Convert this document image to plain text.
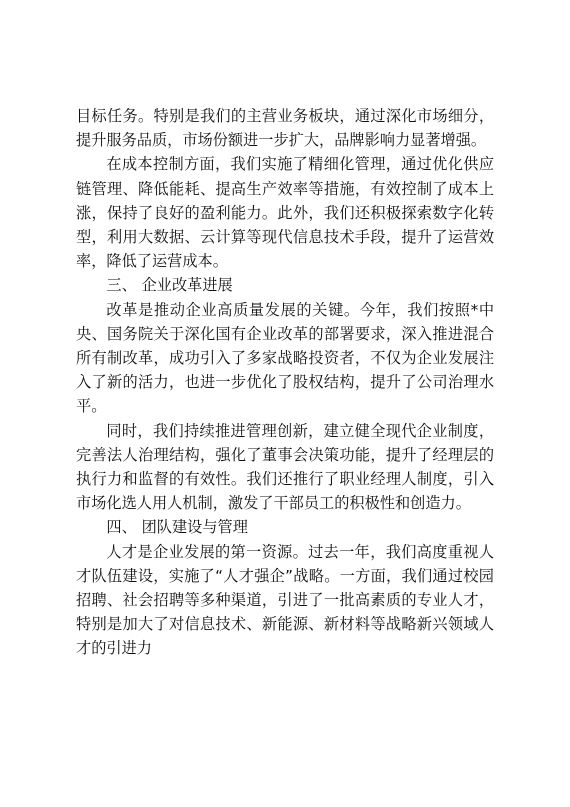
目标任务。特别是我们的主营业务板块，通过深化市场细分，提升服务品质，市场份额进一步扩大，品牌影响力显著增强。

在成本控制方面，我们实施了精细化管理，通过优化供应链管理、降低能耗、提高生产效率等措施，有效控制了成本上涨，保持了良好的盈利能力。此外，我们还积极探索数字化转型，利用大数据、云计算等现代信息技术手段，提升了运营效率，降低了运营成本。

三、 企业改革进展

改革是推动企业高质量发展的关键。今年，我们按照*中央、国务院关于深化国有企业改革的部署要求，深入推进混合所有制改革，成功引入了多家战略投资者，不仅为企业发展注入了新的活力，也进一步优化了股权结构，提升了公司治理水平。

同时，我们持续推进管理创新，建立健全现代企业制度，完善法人治理结构，强化了董事会决策功能，提升了经理层的执行力和监督的有效性。我们还推行了职业经理人制度，引入市场化选人用人机制，激发了干部员工的积极性和创造力。

四、 团队建设与管理

人才是企业发展的第一资源。过去一年，我们高度重视人才队伍建设，实施了“人才强企”战略。一方面，我们通过校园招聘、社会招聘等多种渠道，引进了一批高素质的专业人才，特别是加大了对信息技术、新能源、新材料等战略新兴领域人才的引进力
